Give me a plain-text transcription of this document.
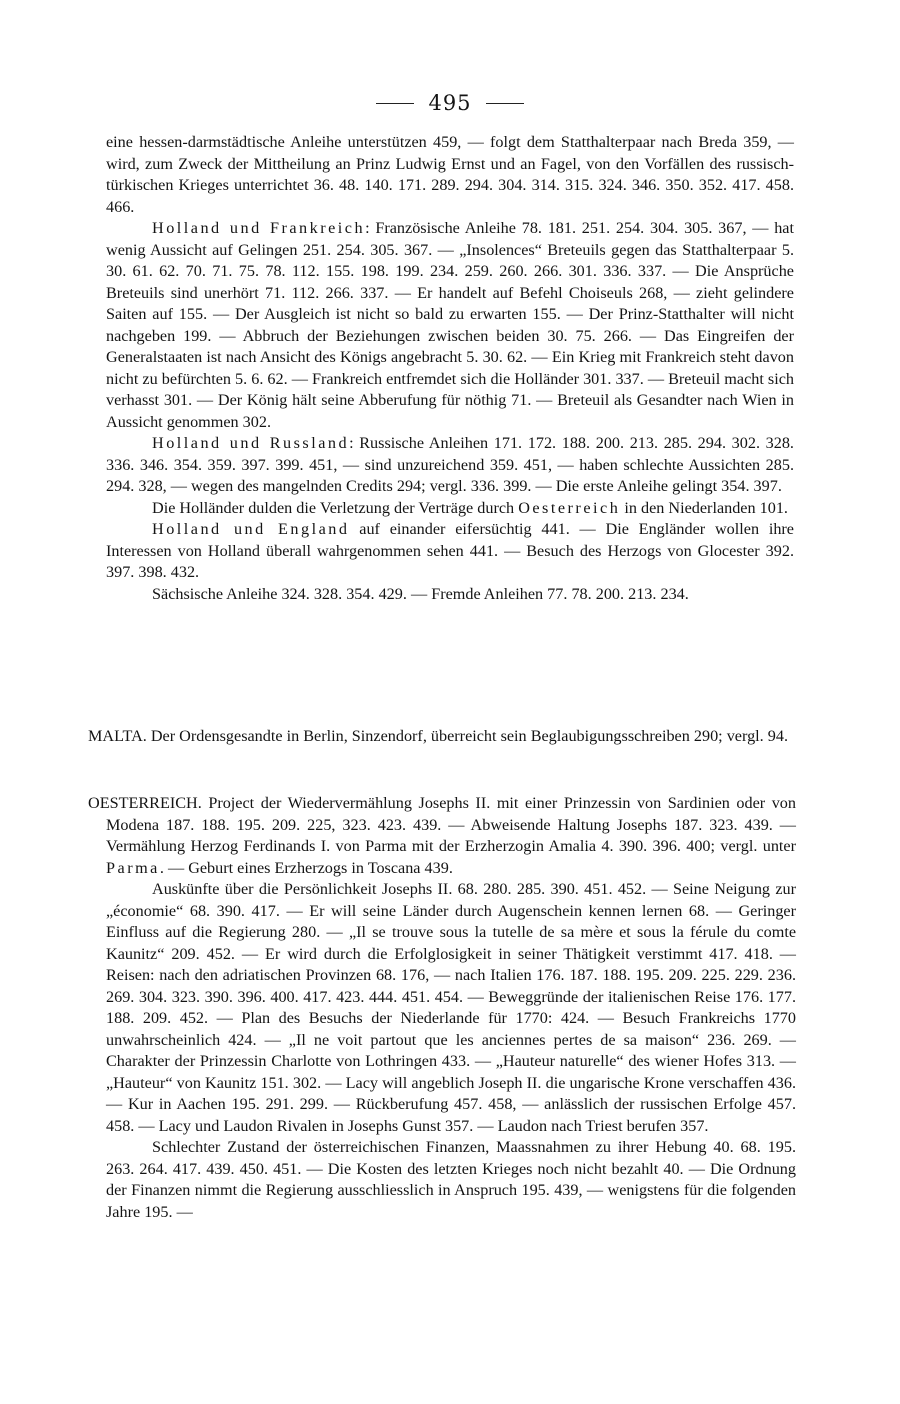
495

eine hessen-darmstädtische Anleihe unterstützen 459, — folgt dem Statthalterpaar nach Breda 359, — wird, zum Zweck der Mittheilung an Prinz Ludwig Ernst und an Fagel, von den Vorfällen des russisch-türkischen Krieges unterrichtet 36. 48. 140. 171. 289. 294. 304. 314. 315. 324. 346. 350. 352. 417. 458. 466.

Holland und Frankreich: Französische Anleihe 78. 181. 251. 254. 304. 305. 367, — hat wenig Aussicht auf Gelingen 251. 254. 305. 367. — „Insolences“ Breteuils gegen das Statthalterpaar 5. 30. 61. 62. 70. 71. 75. 78. 112. 155. 198. 199. 234. 259. 260. 266. 301. 336. 337. — Die Ansprüche Breteuils sind unerhört 71. 112. 266. 337. — Er handelt auf Befehl Choiseuls 268, — zieht gelindere Saiten auf 155. — Der Ausgleich ist nicht so bald zu erwarten 155. — Der Prinz-Statthalter will nicht nachgeben 199. — Abbruch der Beziehungen zwischen beiden 30. 75. 266. — Das Eingreifen der Generalstaaten ist nach Ansicht des Königs angebracht 5. 30. 62. — Ein Krieg mit Frankreich steht davon nicht zu befürchten 5. 6. 62. — Frankreich entfremdet sich die Holländer 301. 337. — Breteuil macht sich verhasst 301. — Der König hält seine Abberufung für nöthig 71. — Breteuil als Gesandter nach Wien in Aussicht genommen 302.

Holland und Russland: Russische Anleihen 171. 172. 188. 200. 213. 285. 294. 302. 328. 336. 346. 354. 359. 397. 399. 451, — sind unzureichend 359. 451, — haben schlechte Aussichten 285. 294. 328, — wegen des mangelnden Credits 294; vergl. 336. 399. — Die erste Anleihe gelingt 354. 397.

Die Holländer dulden die Verletzung der Verträge durch Oesterreich in den Niederlanden 101.

Holland und England auf einander eifersüchtig 441. — Die Engländer wollen ihre Interessen von Holland überall wahrgenommen sehen 441. — Besuch des Herzogs von Glocester 392. 397. 398. 432.

Sächsische Anleihe 324. 328. 354. 429. — Fremde Anleihen 77. 78. 200. 213. 234.

MALTA. Der Ordensgesandte in Berlin, Sinzendorf, überreicht sein Beglaubigungsschreiben 290; vergl. 94.

OESTERREICH. Project der Wiedervermählung Josephs II. mit einer Prinzessin von Sardinien oder von Modena 187. 188. 195. 209. 225, 323. 423. 439. — Abweisende Haltung Josephs 187. 323. 439. — Vermählung Herzog Ferdinands I. von Parma mit der Erzherzogin Amalia 4. 390. 396. 400; vergl. unter Parma. — Geburt eines Erzherzogs in Toscana 439.

Auskünfte über die Persönlichkeit Josephs II. 68. 280. 285. 390. 451. 452. — Seine Neigung zur „économie“ 68. 390. 417. — Er will seine Länder durch Augenschein kennen lernen 68. — Geringer Einfluss auf die Regierung 280. — „Il se trouve sous la tutelle de sa mère et sous la férule du comte Kaunitz“ 209. 452. — Er wird durch die Erfolglosigkeit in seiner Thätigkeit verstimmt 417. 418. — Reisen: nach den adriatischen Provinzen 68. 176, — nach Italien 176. 187. 188. 195. 209. 225. 229. 236. 269. 304. 323. 390. 396. 400. 417. 423. 444. 451. 454. — Beweggründe der italienischen Reise 176. 177. 188. 209. 452. — Plan des Besuchs der Niederlande für 1770: 424. — Besuch Frankreichs 1770 unwahrscheinlich 424. — „Il ne voit partout que les anciennes pertes de sa maison“ 236. 269. — Charakter der Prinzessin Charlotte von Lothringen 433. — „Hauteur naturelle“ des wiener Hofes 313. — „Hauteur“ von Kaunitz 151. 302. — Lacy will angeblich Joseph II. die ungarische Krone verschaffen 436. — Kur in Aachen 195. 291. 299. — Rückberufung 457. 458, — anlässlich der russischen Erfolge 457. 458. — Lacy und Laudon Rivalen in Josephs Gunst 357. — Laudon nach Triest berufen 357.

Schlechter Zustand der österreichischen Finanzen, Maassnahmen zu ihrer Hebung 40. 68. 195. 263. 264. 417. 439. 450. 451. — Die Kosten des letzten Krieges noch nicht bezahlt 40. — Die Ordnung der Finanzen nimmt die Regierung ausschliesslich in Anspruch 195. 439, — wenigstens für die folgenden Jahre 195. —
